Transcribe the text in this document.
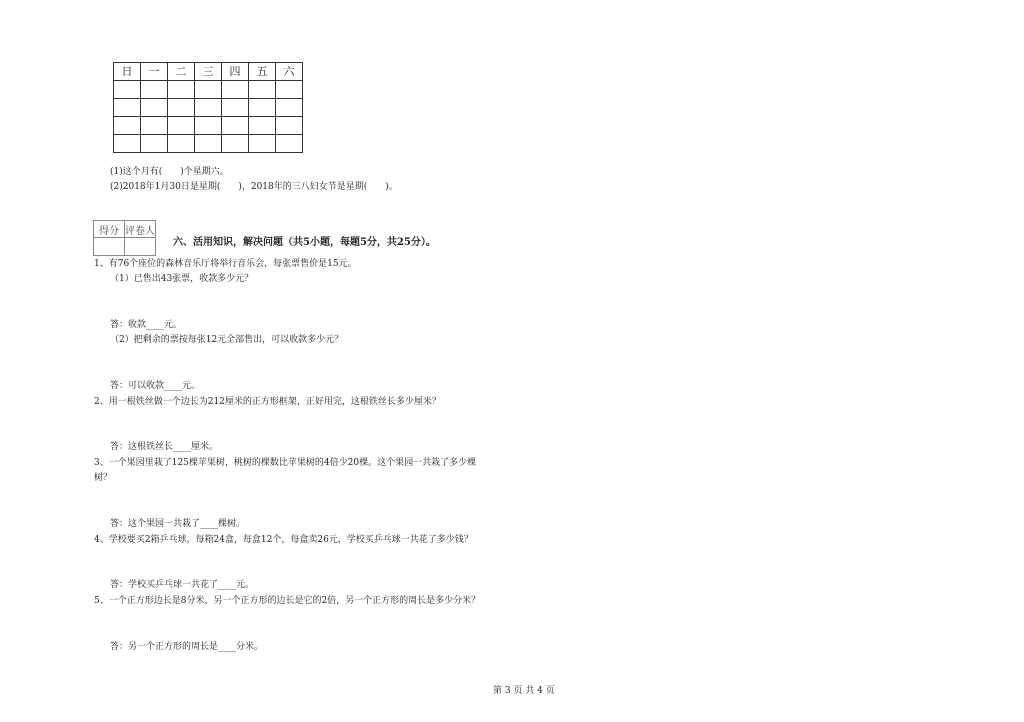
日	一	二	三	四	五	六

(1)这个月有(　　)个星期六。
(2)2018年1月30日是星期(　　)，2018年的三八妇女节是星期(　　)。
得分	评卷人

六、活用知识，解决问题（共5小题，每题5分，共25分）。
1、有76个座位的森林音乐厅将举行音乐会，每张票售价是15元。
（1）已售出43张票，收款多少元？
答：收款____元。
（2）把剩余的票按每张12元全部售出，可以收款多少元？
答：可以收款____元。
2、用一根铁丝做一个边长为212厘米的正方形框架，正好用完，这根铁丝长多少厘米？
答：这根铁丝长____厘米。
3、一个果园里栽了125棵苹果树，桃树的棵数比苹果树的4倍少20棵。这个果园一共栽了多少棵
树？
答：这个果园一共栽了____棵树。
4、学校要买2箱乒乓球，每箱24盒，每盒12个，每盒卖26元，学校买乒乓球一共花了多少钱？
答：学校买乒乓球一共花了____元。
5、一个正方形边长是8分米，另一个正方形的边长是它的2倍，另一个正方形的周长是多少分米？
答：另一个正方形的周长是____分米。
第 3 页 共 4 页
